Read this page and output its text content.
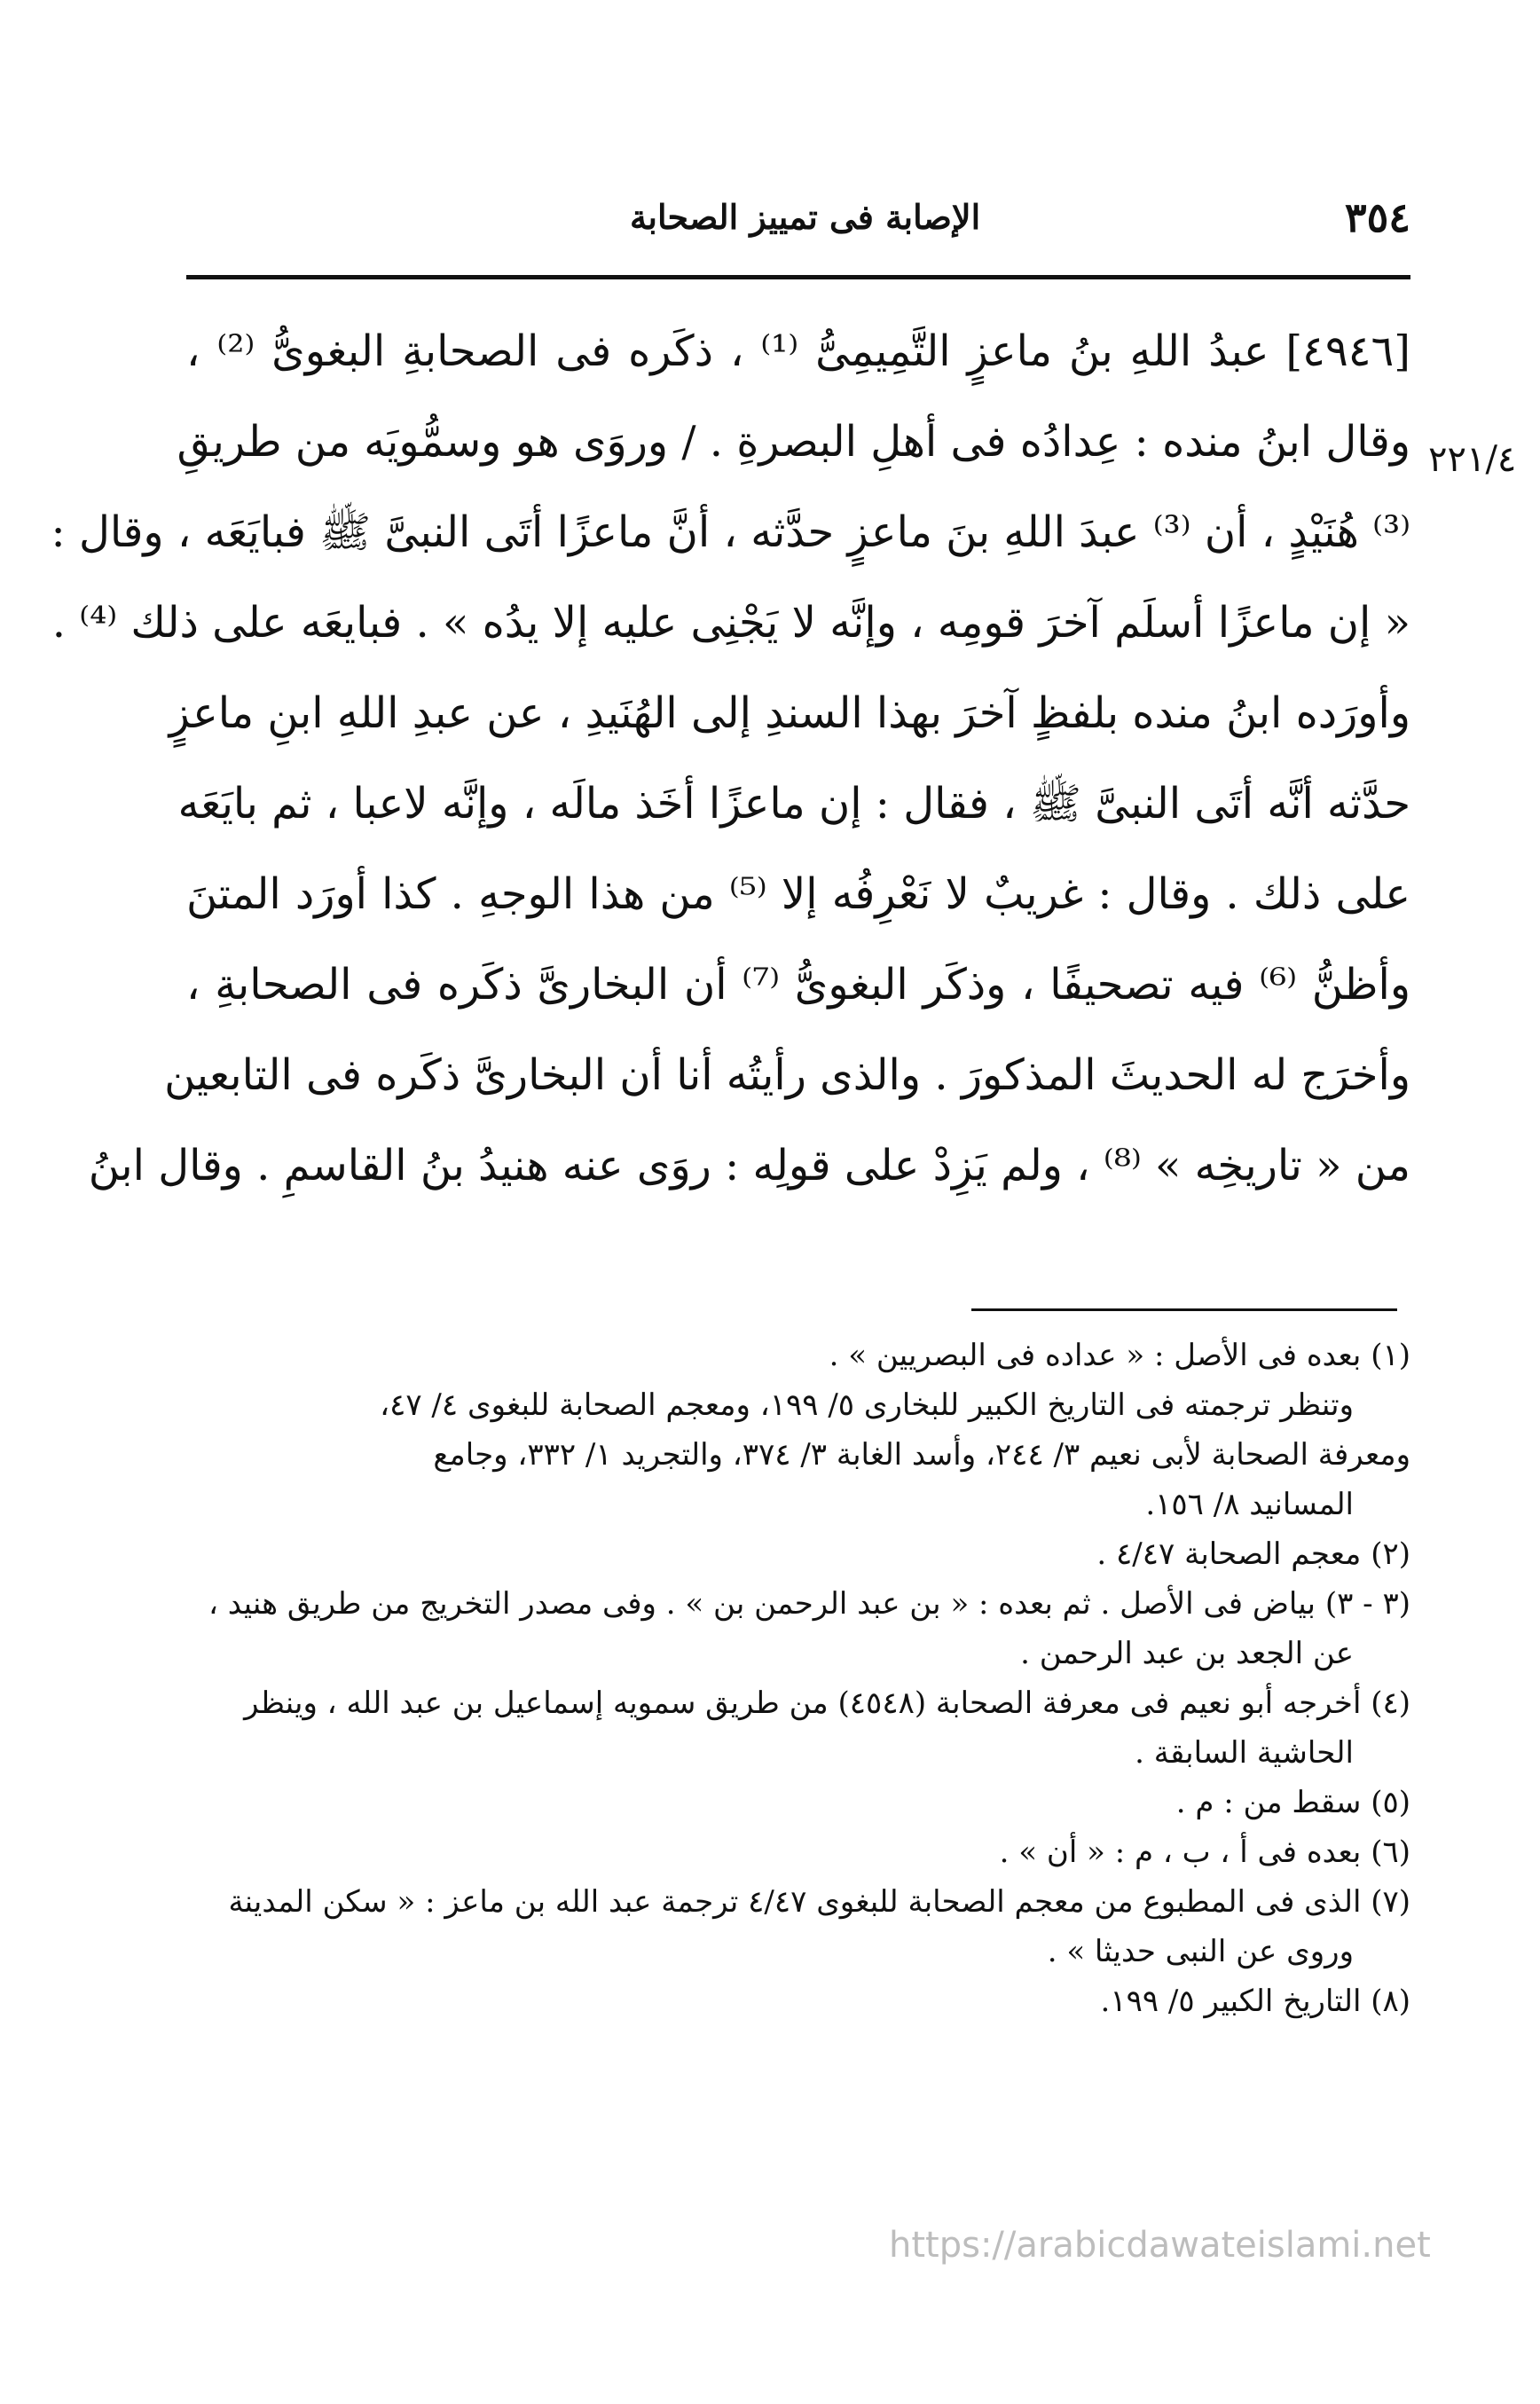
٣٥٤
الإصابة فى تمييز الصحابة
٢٢١/٤
[٤٩٤٦] عبدُ اللهِ بنُ ماعزٍ التَّمِيمِىُّ ⁽¹⁾ ، ذكَره فى الصحابةِ البغوىُّ ⁽²⁾ ،
وقال ابنُ منده : عِدادُه فى أهلِ البصرةِ . / وروَى هو وسمُّويَه من طريقِ
⁽³⁾ هُنَيْدٍ ، أن ⁽³⁾ عبدَ اللهِ بنَ ماعزٍ حدَّثه ، أنَّ ماعزًا أتَى النبىَّ ﷺ فبايَعَه ، وقال :
« إن ماعزًا أسلَم آخرَ قومِه ، وإنَّه لا يَجْنِى عليه إلا يدُه » . فبايعَه على ذلك ⁽⁴⁾ .
وأورَده ابنُ منده بلفظٍ آخرَ بهذا السندِ إلى الهُنَيدِ ، عن عبدِ اللهِ ابنِ ماعزٍ
حدَّثه أنَّه أتَى النبىَّ ﷺ ، فقال : إن ماعزًا أخَذ مالَه ، وإنَّه لاعبا ، ثم بايَعَه
على ذلك . وقال : غريبٌ لا نَعْرِفُه إلا ⁽⁵⁾ من هذا الوجهِ . كذا أورَد المتنَ
وأظنُّ ⁽⁶⁾ فيه تصحيفًا ، وذكَر البغوىُّ ⁽⁷⁾ أن البخارىَّ ذكَره فى الصحابةِ ،
وأخرَج له الحديثَ المذكورَ . والذى رأيتُه أنا أن البخارىَّ ذكَره فى التابعين
من « تاريخِه » ⁽⁸⁾ ، ولم يَزِدْ على قولِه : روَى عنه هنيدُ بنُ القاسمِ . وقال ابنُ
(١) بعده فى الأصل : « عداده فى البصريين » .
وتنظر ترجمته فى التاريخ الكبير للبخارى ٥/ ١٩٩، ومعجم الصحابة للبغوى ٤/ ٤٧،
ومعرفة الصحابة لأبى نعيم ٣/ ٢٤٤، وأسد الغابة ٣/ ٣٧٤، والتجريد ١/ ٣٣٢، وجامع
المسانيد ٨/ ١٥٦.
(٢) معجم الصحابة ٤/٤٧ .
(٣ - ٣) بياض فى الأصل . ثم بعده : « بن عبد الرحمن بن » . وفى مصدر التخريج من طريق هنيد ،
عن الجعد بن عبد الرحمن .
(٤) أخرجه أبو نعيم فى معرفة الصحابة (٤٥٤٨) من طريق سمويه إسماعيل بن عبد الله ، وينظر
الحاشية السابقة .
(٥) سقط من : م .
(٦) بعده فى أ ، ب ، م : « أن » .
(٧) الذى فى المطبوع من معجم الصحابة للبغوى ٤/٤٧ ترجمة عبد الله بن ماعز : « سكن المدينة
وروى عن النبى حديثا » .
(٨) التاريخ الكبير ٥/ ١٩٩.
https://arabicdawateislami.net
